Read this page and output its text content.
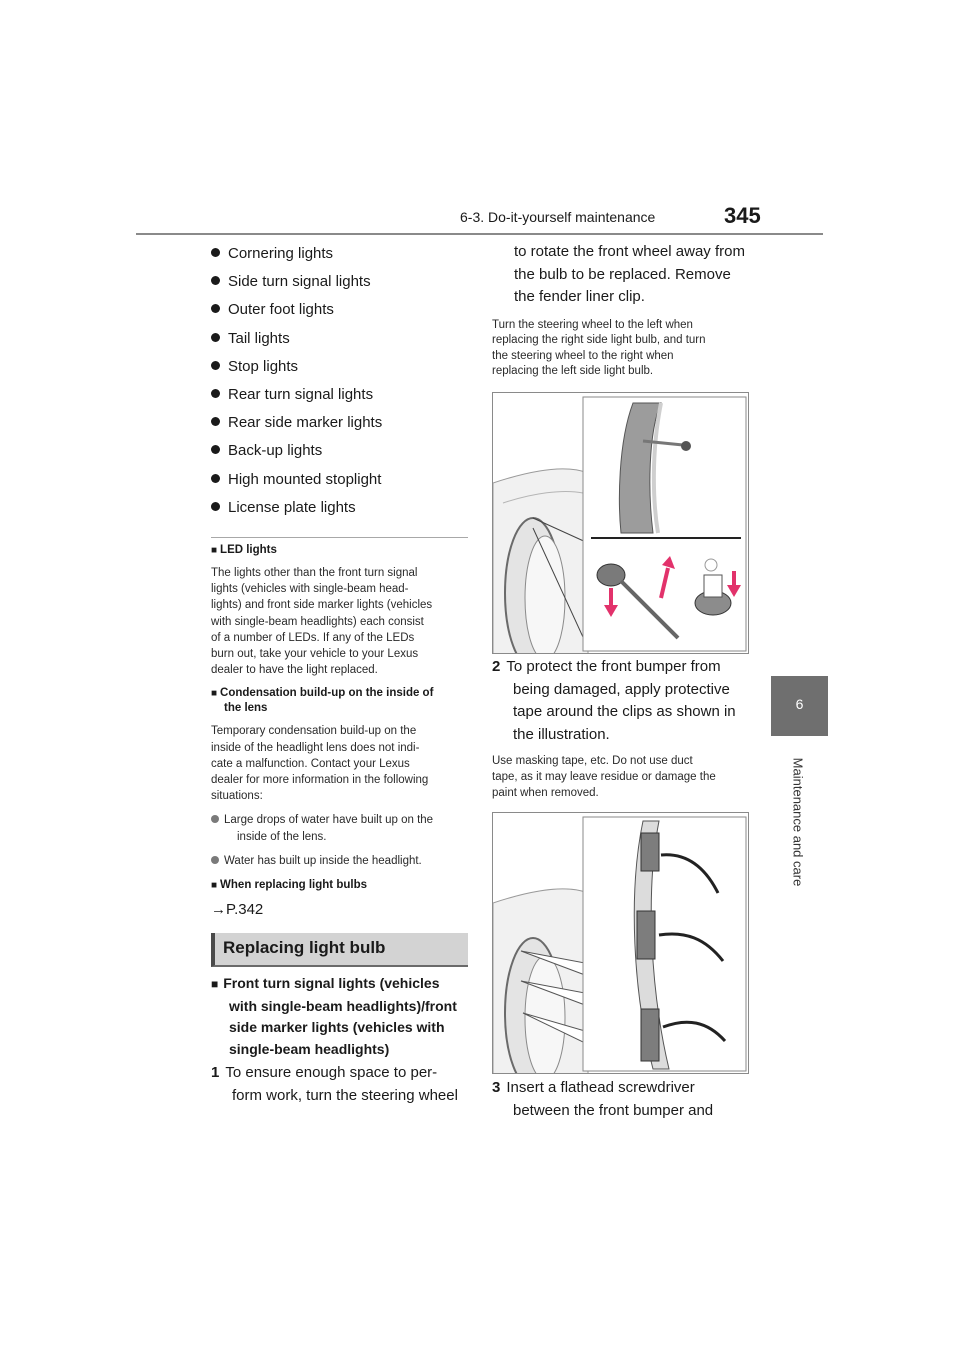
6-3. Do-it-yourself maintenance	345
6
Maintenance and care
Cornering lights
Side turn signal lights
Outer foot lights
Tail lights
Stop lights
Rear turn signal lights
Rear side marker lights
Back-up lights
High mounted stoplight
License plate lights
■ LED lights
The lights other than the front turn signal
lights (vehicles with single-beam head-
lights) and front side marker lights (vehicles
with single-beam headlights) each consist
of a number of LEDs. If any of the LEDs
burn out, take your vehicle to your Lexus
dealer to have the light replaced.
■ Condensation build-up on the inside of
the lens
Temporary condensation build-up on the
inside of the headlight lens does not indi-
cate a malfunction. Contact your Lexus
dealer for more information in the following
situations:
Large drops of water have built up on the
inside of the lens.
Water has built up inside the headlight.
■ When replacing light bulbs
→P.342
Replacing light bulb
■ Front turn signal lights (vehicles
with single-beam headlights)/front
side marker lights (vehicles with
single-beam headlights)
1 To ensure enough space to per-
form work, turn the steering wheel
to rotate the front wheel away from
the bulb to be replaced. Remove
the fender liner clip.
Turn the steering wheel to the left when
replacing the right side light bulb, and turn
the steering wheel to the right when
replacing the left side light bulb.
2 To protect the front bumper from
being damaged, apply protective
tape around the clips as shown in
the illustration.
Use masking tape, etc. Do not use duct
tape, as it may leave residue or damage the
paint when removed.
3 Insert a flathead screwdriver
between the front bumper and
